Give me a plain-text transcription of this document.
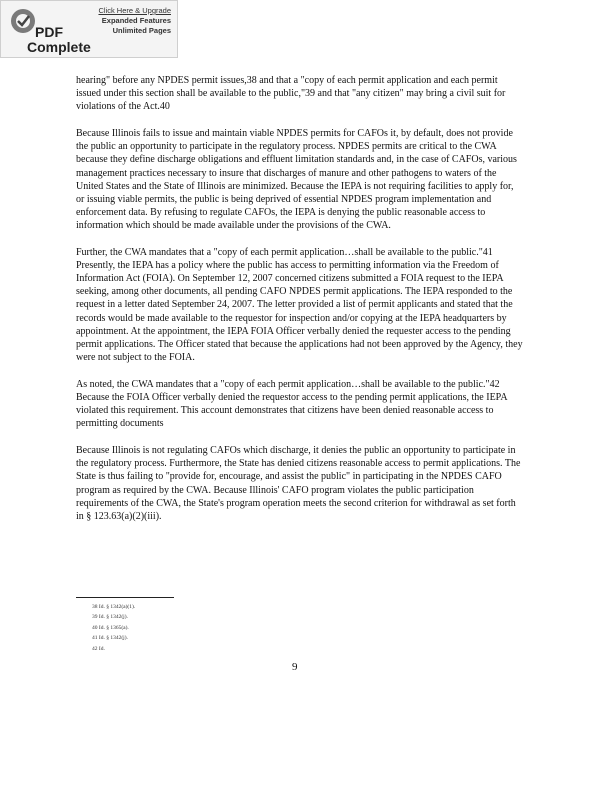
PDF
Complete
Click Here & Upgrade
Expanded Features
Unlimited Pages

hearing" before any NPDES permit issues,38 and that a "copy of each permit application and each permit issued under this section shall be available to the public,"39 and that "any citizen" may bring a civil suit for violations of the Act.40

Because Illinois fails to issue and maintain viable NPDES permits for CAFOs it, by default, does not provide the public an opportunity to participate in the regulatory process. NPDES permits are critical to the CWA because they define discharge obligations and effluent limitation standards and, in the case of CAFOs, various management practices necessary to insure that discharges of manure and other pathogens to waters of the United States and the State of Illinois are minimized. Because the IEPA is not requiring facilities to apply for, or issuing viable permits, the public is being deprived of essential NPDES program implementation and enforcement data. By refusing to regulate CAFOs, the IEPA is denying the public reasonable access to information which should be made available under the provisions of the CWA.

Further, the CWA mandates that a "copy of each permit application…shall be available to the public."41 Presently, the IEPA has a policy where the public has access to permitting information via the Freedom of Information Act (FOIA). On September 12, 2007 concerned citizens submitted a FOIA request to the IEPA seeking, among other documents, all pending CAFO NPDES permit applications. The IEPA responded to the request in a letter dated September 24, 2007. The letter provided a list of permit applicants and stated that the records would be made available to the requestor for inspection and/or copying at the IEPA headquarters by appointment. At the appointment, the IEPA FOIA Officer verbally denied the requester access to the pending permit applications. The Officer stated that because the applications had not been approved by the Agency, they were not subject to the FOIA.

As noted, the CWA mandates that a "copy of each permit application…shall be available to the public."42 Because the FOIA Officer verbally denied the requestor access to the pending permit applications, the IEPA violated this requirement. This account demonstrates that citizens have been denied reasonable access to permitting documents

Because Illinois is not regulating CAFOs which discharge, it denies the public an opportunity to participate in the regulatory process. Furthermore, the State has denied citizens reasonable access to permit applications. The State is thus failing to "provide for, encourage, and assist the public" in participating in the NPDES CAFO program as required by the CWA. Because Illinois' CAFO program violates the public participation requirements of the CWA, the State's program operation meets the second criterion for withdrawal as set forth in § 123.63(a)(2)(iii).

38 Id. § 1342(a)(1).
39 Id. § 1342(j).
40 Id. § 1365(a).
41 Id. § 1342(j).
42 Id.
9
